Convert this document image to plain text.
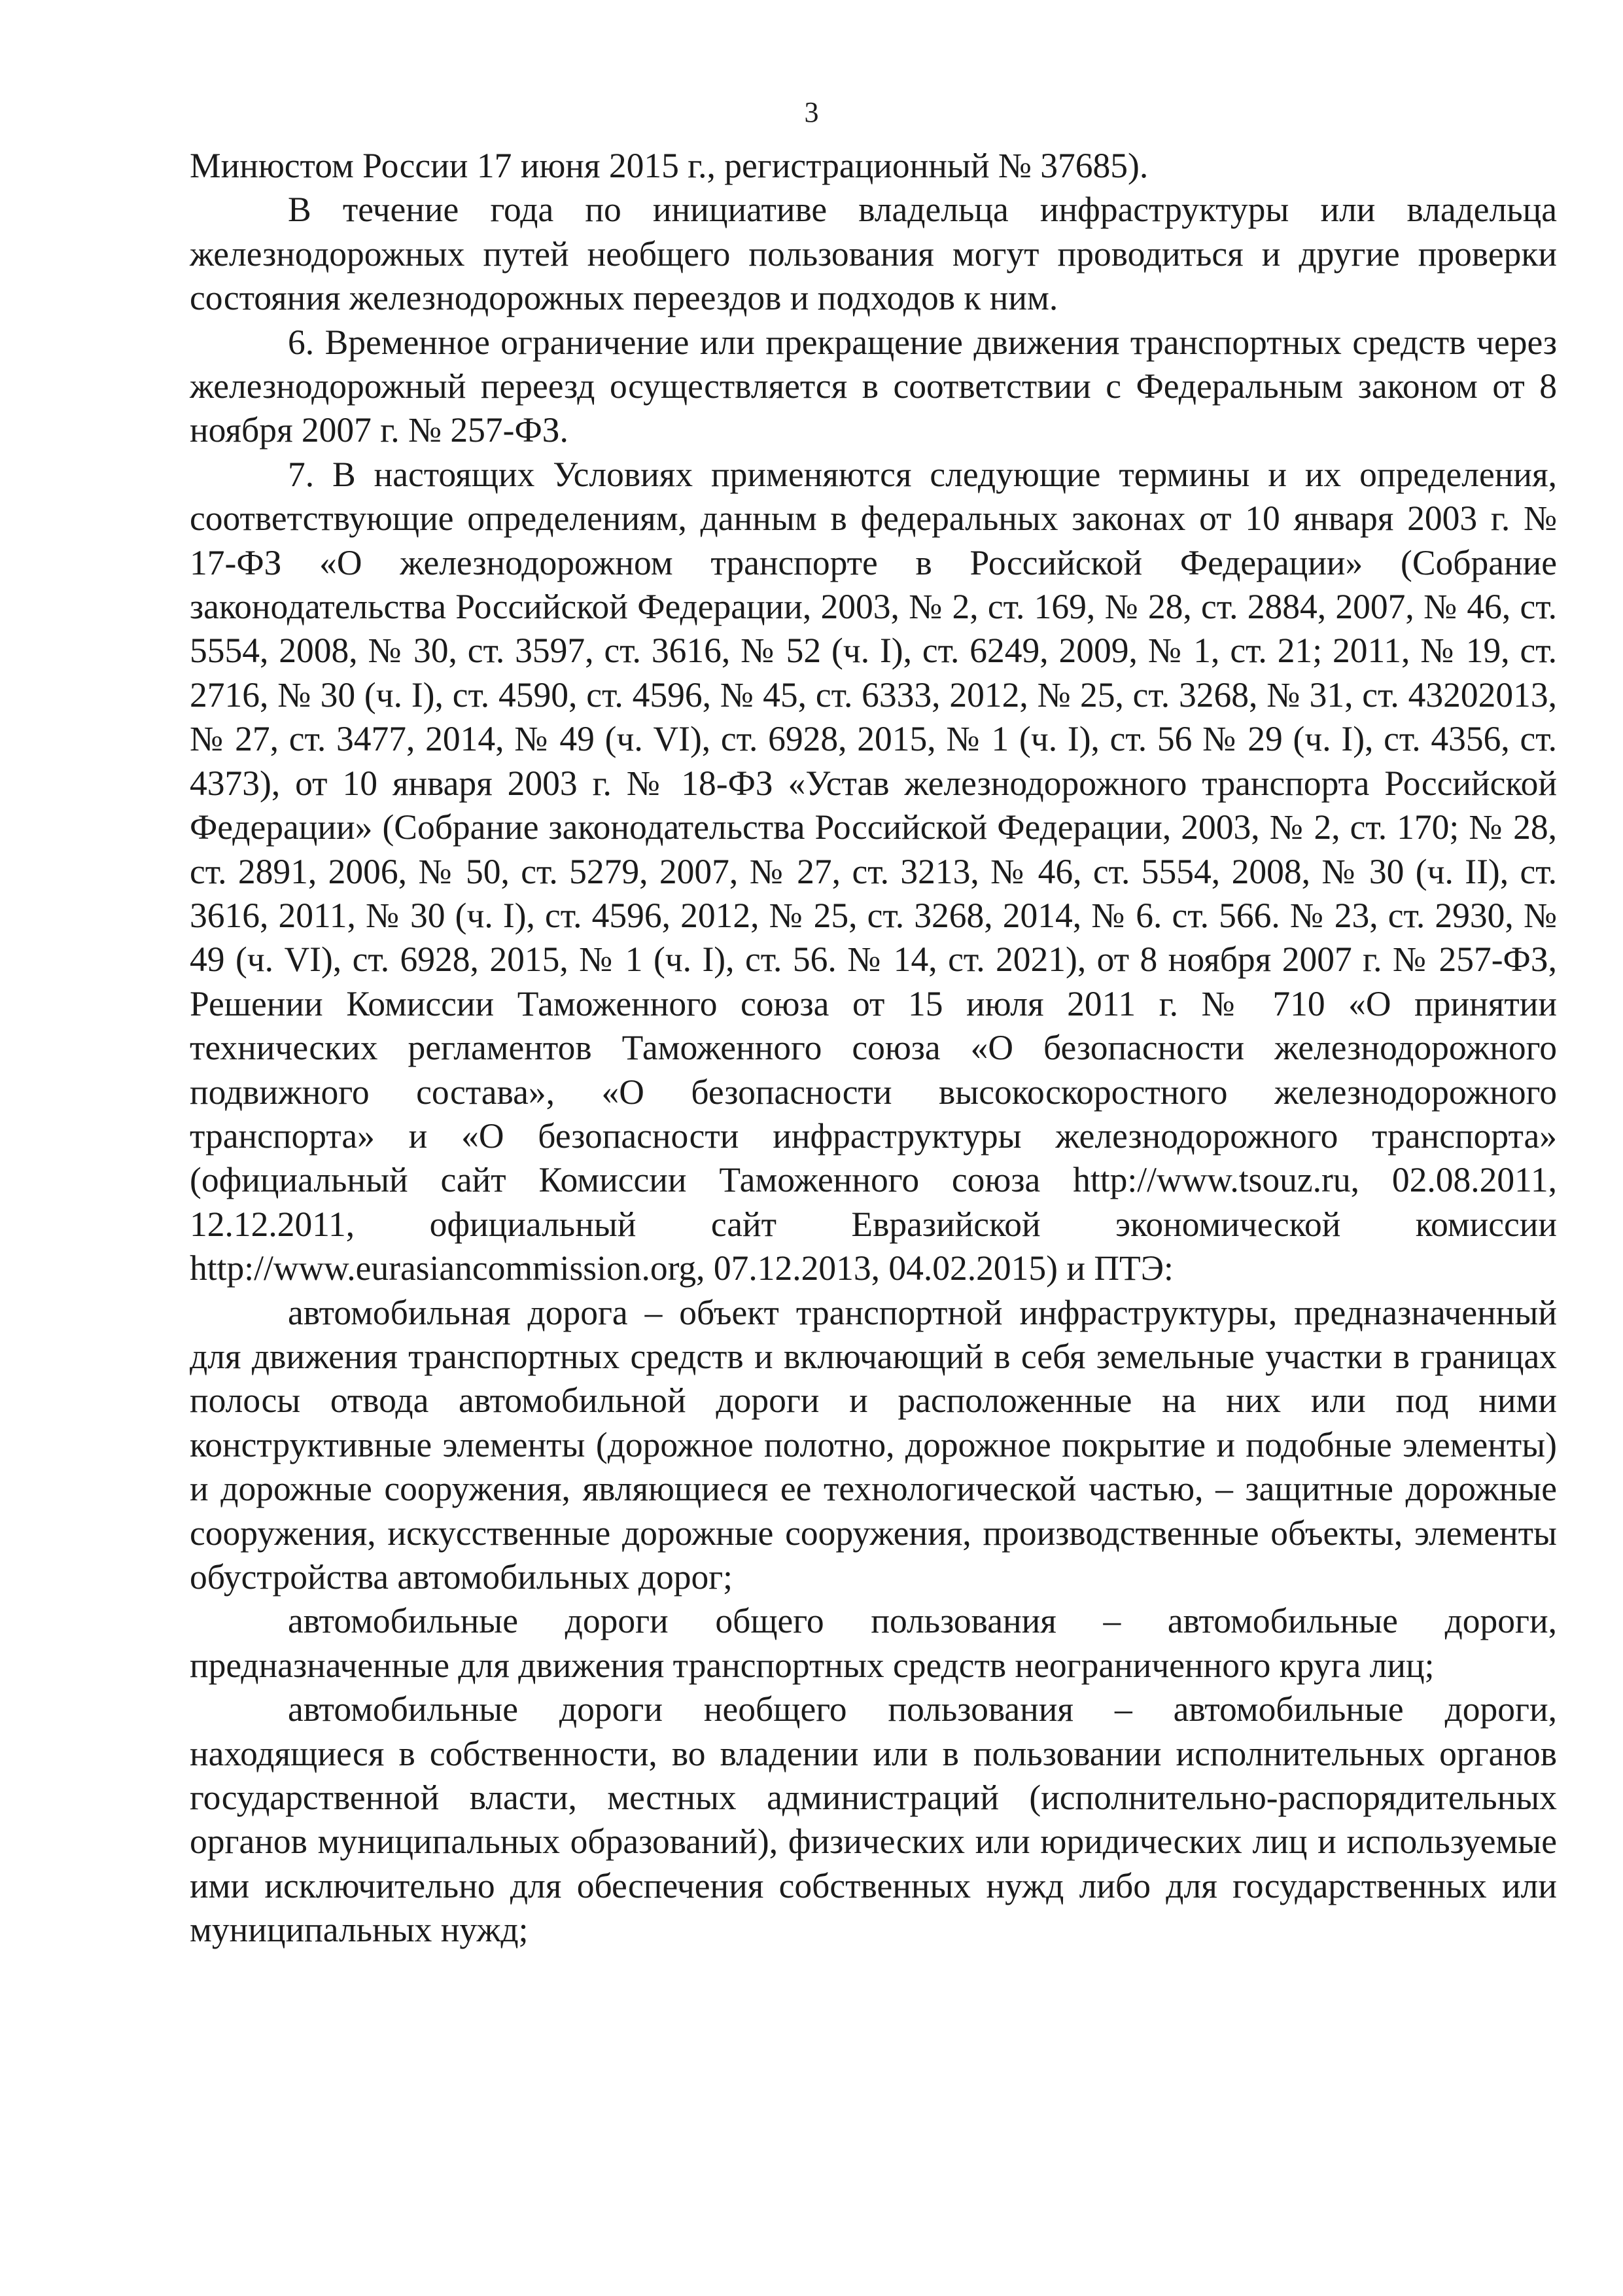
3

Минюстом России 17 июня 2015 г., регистрационный № 37685).

В течение года по инициативе владельца инфраструктуры или владельца железнодорожных путей необщего пользования могут проводиться и другие проверки состояния железнодорожных переездов и подходов к ним.

6. Временное ограничение или прекращение движения транспортных средств через железнодорожный переезд осуществляется в соответствии с Федеральным законом от 8 ноября 2007 г. № 257-ФЗ.

7. В настоящих Условиях применяются следующие термины и их определения, соответствующие определениям, данным в федеральных законах от 10 января 2003 г. № 17-ФЗ «О железнодорожном транспорте в Российской Федерации» (Собрание законодательства Российской Федерации, 2003, № 2, ст. 169, № 28, ст. 2884, 2007, № 46, ст. 5554, 2008, № 30, ст. 3597, ст. 3616, № 52 (ч. I), ст. 6249, 2009, № 1, ст. 21; 2011, № 19, ст. 2716, № 30 (ч. I), ст. 4590, ст. 4596, № 45, ст. 6333, 2012, № 25, ст. 3268, № 31, ст. 43202013, № 27, ст. 3477, 2014, № 49 (ч. VI), ст. 6928, 2015, № 1 (ч. I), ст. 56 № 29 (ч. I), ст. 4356, ст. 4373), от 10 января 2003 г. № 18-ФЗ «Устав железнодорожного транспорта Российской Федерации» (Собрание законодательства Российской Федерации, 2003, № 2, ст. 170; № 28, ст. 2891, 2006, № 50, ст. 5279, 2007, № 27, ст. 3213, № 46, ст. 5554, 2008, № 30 (ч. II), ст. 3616, 2011, № 30 (ч. I), ст. 4596, 2012, № 25, ст. 3268, 2014, № 6. ст. 566. № 23, ст. 2930, № 49 (ч. VI), ст. 6928, 2015, № 1 (ч. I), ст. 56. № 14, ст. 2021), от 8 ноября 2007 г. № 257-ФЗ, Решении Комиссии Таможенного союза от 15 июля 2011 г. № 710 «О принятии технических регламентов Таможенного союза «О безопасности железнодорожного подвижного состава», «О безопасности высокоскоростного железнодорожного транспорта» и «О безопасности инфраструктуры железнодорожного транспорта» (официальный сайт Комиссии Таможенного союза http://www.tsouz.ru, 02.08.2011, 12.12.2011, официальный сайт Евразийской экономической комиссии http://www.eurasiancommission.org, 07.12.2013, 04.02.2015) и ПТЭ:

автомобильная дорога – объект транспортной инфраструктуры, предназначенный для движения транспортных средств и включающий в себя земельные участки в границах полосы отвода автомобильной дороги и расположенные на них или под ними конструктивные элементы (дорожное полотно, дорожное покрытие и подобные элементы) и дорожные сооружения, являющиеся ее технологической частью, – защитные дорожные сооружения, искусственные дорожные сооружения, производственные объекты, элементы обустройства автомобильных дорог;

автомобильные дороги общего пользования – автомобильные дороги, предназначенные для движения транспортных средств неограниченного круга лиц;

автомобильные дороги необщего пользования – автомобильные дороги, находящиеся в собственности, во владении или в пользовании исполнительных органов государственной власти, местных администраций (исполнительно-распорядительных органов муниципальных образований), физических или юридических лиц и используемые ими исключительно для обеспечения собственных нужд либо для государственных или муниципальных нужд;
